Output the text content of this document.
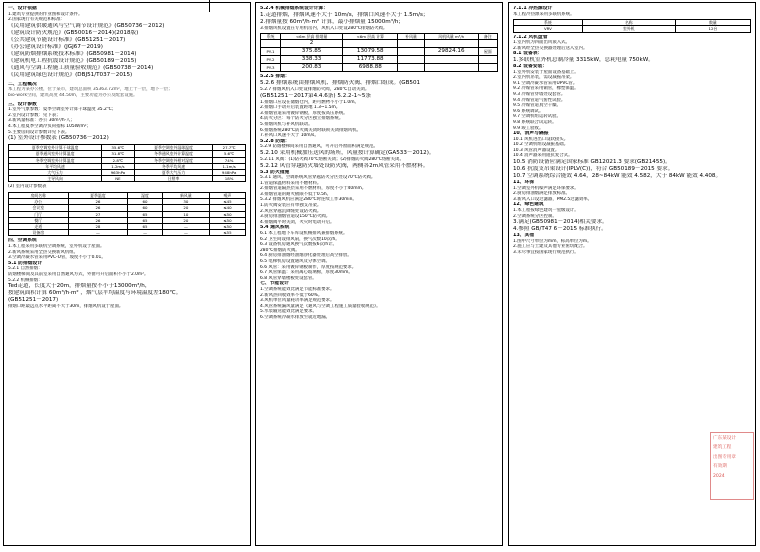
一、设计依据

1.建筑专业提供的作业图和设计条件。

2.国家现行有关规范和标准：

《民用建筑供暖通风与空气调节设计规范》(GB50736－2012)

《建筑设计防火规范》(GB50016－2014)(2018版)

《公共建筑节能设计标准》(GB51251－2017)

《办公建筑设计标准》(JGJ67－2019)

《建筑防烟排烟系统技术标准》(GB50981－2014)

《建筑机电工程抗震设计规范》(GB50189－2015)

《通风与空调工程施工质量验收规范》(GB50738－2014)

《民用建筑绿色设计规范》(DBJ51/T037－2015)

二、工程概况

本工程为某办公楼，位于某市，建筑总面积 35363.72m²，地上十一层，地下一层；

bio-work空间，建筑高度 44.50m，主要功能为办公及配套设施。

三、设计参数

1.室外气象参数：夏季空调室外计算干球温度 35.2℃；

2.室内设计参数：见下表；

3.新风量标准：办公 30m³/h·人；

4.本工程夏季空调冷负荷指标 105W/m²；

5.主要房间设计参数详见下表。

(1) 室外设计参数表 (GB50736－2012)

夏季空调室外计算干球温度	35.6℃	夏季空调室外湿球温度	27.7℃
夏季通风室外计算温度	31.8℃	冬季通风室外计算温度	5.6℃
冬季空调室外计算温度	2.8℃	冬季空调室外相对湿度	74%
年平均风速	1.2m/s	冬季平均风速	1.1m/s
大气压力	963hPa	夏季大气压力	948hPa
主导风向	NE	日照率	18%

(2) 室内设计参数表

房间名称	夏季温度	湿度	新风量	噪声
办公	26	60	30	≤45
会议室	26	60	20	≤40
门厅	27	65	10	≤50
餐厅	26	65	20	≤50
走道	28	65	—	≤50
设备房	—	—	—	≤55

四、空调系统

1.本工程采用多联机空调系统，室外机设于屋面。

2.新风系统采用全热交换新风机组。

3.空调冷凝水管采用PVC-U管，坡度不小于0.01。

5.1 防排烟设计

5.2.1 自然排烟：

防烟楼梯间及其前室采用自然通风方式，外窗可开启面积不小于2.0m²。

5.2.2 机械排烟：

Ted走道，长度大于20m，排烟量按不小于13000m³/h，

按建筑面积计算 60m³/h·m² ，烟气层平均温度与环境温度差180℃。

(GB51251－2017)

排烟口距最远点水平距离不大于30m，排烟风机设于屋面。

5.2.4 机械排烟系统设计计算：

1.走道排烟，排烟风速不大于 10m/s，排烟口风速不大于 1.5m/s；

2.排烟量按 60m³/h·m² 计算，最小排烟量 15000m³/h；

3.排烟风机设置在专用机房内，风机入口处设280℃排烟防火阀。

系统	<6m 层高 排烟量	<6m 层高 计算	补风量	风机风量 m³/h	备注
	2				
PY-1	375.85	13079.58		29824.16	屋面
PY-2	338.33	11773.88			
PY-3	200.83	6988.88			

5.2.5 排烟：

5.2.6 排烟系统由排烟风机、排烟防火阀、排烟口组成。(GB501

5.2.7 排烟风机入口处设排烟防火阀，280℃自动关闭。

(GB51251－2017第4.4.6条) 5.2.2-1~5条

1.排烟口应设在储烟仓内，距可燃物不小于1.0m。

2.排烟口手动开启装置距地 1.3~1.5m。

3.排烟管道采用镀锌钢板，厚度按高压系统。

4.防火分区：每个防火分区独立排烟系统。

5.排烟风机与补风机联动。

6.排烟系统280℃防火阀关闭时联锁关闭排烟风机。

7.补风口风速不大于 10m/s。

5.2.8 防烟：

5.2.9 防烟楼梯间采用自然通风，可开启外窗面积满足规范。

5.2.10 采用机械加压送风的场所，风量按计算确定(GA533－2012)。

5.2.11 风阀：(1)防火阀70℃熔断关闭；(2)排烟防火阀280℃熔断关闭。

5.2.12 风管穿越防火墙处设防火阀，两侧各2m风管采用不燃材料。

5.3 防火措施

5.3.1 通风、空调系统风管穿越防火分区处设70℃防火阀。

1.管道保温材料采用不燃材料。

2.排烟管道隔热层采用不燃材料，厚度不小于40mm。

3.排烟管道的耐火极限不低于0.5h。

5.3.2 排烟风机应满足280℃时连续工作30min。

1.防火阀安装应有单独支吊架。

2.风管穿越沉降缝处设防火阀。

3.厨房排油烟管道设150℃防火阀。

4.排烟阀平时关闭，火灾时电动开启。

5.4 通风系统

6.1 本工程地下车库设机械排风兼排烟系统。

6.2 卫生间设排风扇，换气次数10次/h。

6.3 设备机房通风换气次数按6次/h计。

280℃排烟防火阀。

6.4 厨房排油烟经油烟净化器处理后高空排放。

6.5 电梯机房设置通风及分体空调。

6.6 风管：采用镀锌钢板制作，厚度按规范要求。

6.7 风管保温：采用离心玻璃棉，厚度30mm。

6.8 风管穿墙楼板处设套管。

七、节能设计

1.空调系统能效比满足节能标准要求。

2.新风热回收效率不低于60%。

3.风机单位风量耗功率满足规范要求。

4.风管系统漏风量满足《通风与空调工程施工质量验收规范》。

5.水泵输送能效比满足要求。

6.空调系统冷凝水排放至就近地漏。

7.1.1 冷热源设计

本工程冷热源采用多联机系统。

系统	名称	数量
VRV	室外机	12台

7.1.2 风机盘管

1.室内机为四面出风嵌入式。

2.新风经全热交换器处理后送入室内。

8.1 设备表：

1.多联机室外机总制冷量 3315kW，总耗电量 750kW。

8.2 设备安装：

1.室外机安装于屋面设备基础上。

2.室内机吊装，需设减振吊架。

9.1 空调冷凝水管采用UPVC管。

9.2 冷媒管采用铜管，橡塑保温。

9.3 冷媒管穿墙处设套管。

9.4 冷媒管道气密性试验。

9.5 冷媒管道真空干燥。

9.6 系统调试。

9.7 空调机组运转试验。

9.8 系统联合试运转。

9.9 竣工验收。

10、消声与隔振

10.1 风机进出口设软接头。

10.2 空调机组设减振基础。

10.3 风管消声器设置。

10.4 消声器采用阻抗复合式。

10.5 消防设备应满足国家标准 GB12021.3 要求(GB21455)。

10.6 抗震支吊架设计(IPLV(C))，符合 GB50189－2015 要求。

10.7 空调系统综合能效 4.64，28~84kW 能效 4.582，大于 84kW 能效 4.408。

11、环保

1.空调室外机噪声满足环保要求。

2.厨房排油烟满足排放标准。

3.新风入口设过滤器，PM2.5过滤效率。

12、绿色建筑

1.本工程按绿色建筑一星级设计。

2.空调系统分区控制。

3.满足(GB50981－2014)相关要求。

4.参照 GB/T47 6－2015 标准执行。

13、其他

1.图中尺寸单位为mm，标高单位为m。

2.施工应与土建及其他专业密切配合。

3.未尽事宜按国家现行规范执行。

广东某设计
建筑工程
出图专用章
有效期
2024
